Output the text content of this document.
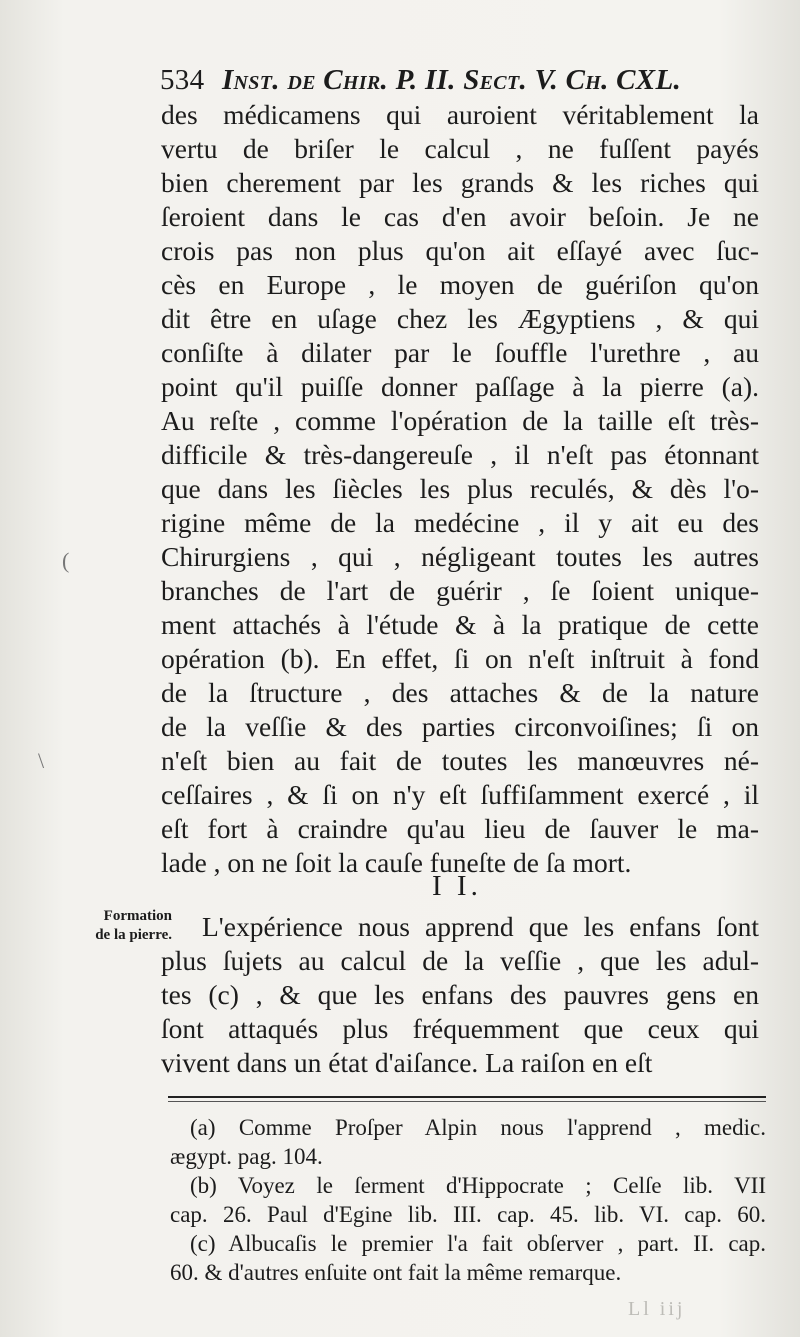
534 Inst. de Chir. P. II. Sect. V. Ch. CXL.
des médicamens qui auroient véritablement la
vertu de briſer le calcul , ne fuſſent payés
bien cherement par les grands & les riches qui
ſeroient dans le cas d'en avoir beſoin. Je ne
crois pas non plus qu'on ait eſſayé avec ſuc-
cès en Europe , le moyen de guériſon qu'on
dit être en uſage chez les Ægyptiens , & qui
conſiſte à dilater par le ſouffle l'urethre , au
point qu'il puiſſe donner paſſage à la pierre (a).
Au reſte , comme l'opération de la taille eſt très-
difficile & très-dangereuſe , il n'eſt pas étonnant
que dans les ſiècles les plus reculés, & dès l'o-
rigine même de la medécine , il y ait eu des
Chirurgiens , qui , négligeant toutes les autres
branches de l'art de guérir , ſe ſoient unique-
ment attachés à l'étude & à la pratique de cette
opération (b). En effet, ſi on n'eſt inſtruit à fond
de la ſtructure , des attaches & de la nature
de la veſſie & des parties circonvoiſines; ſi on
n'eſt bien au fait de toutes les manœuvres né-
ceſſaires , & ſi on n'y eſt ſuffiſamment exercé , il
eſt fort à craindre qu'au lieu de ſauver le ma-
lade , on ne ſoit la cauſe funeſte de ſa mort.
I I.
Formation
de la pierre. L'expérience nous apprend que les enfans ſont
plus ſujets au calcul de la veſſie , que les adul-
tes (c) , & que les enfans des pauvres gens en
ſont attaqués plus fréquemment que ceux qui
vivent dans un état d'aiſance. La raiſon en eſt
(a) Comme Proſper Alpin nous l'apprend , medic.
ægypt. pag. 104.
(b) Voyez le ſerment d'Hippocrate ; Celſe lib. VII
cap. 26. Paul d'Egine lib. III. cap. 45. lib. VI. cap. 60.
(c) Albucaſis le premier l'a fait obſerver , part. II. cap.
60. & d'autres enſuite ont fait la même remarque.
Ll iij
(
\
